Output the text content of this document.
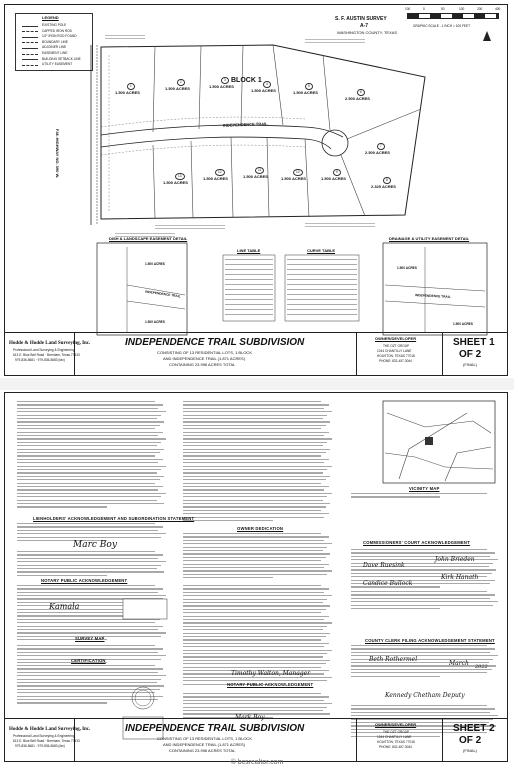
LEGEND
EXISTING POLE
CAPPED IRON ROD
1/2" IRON ROD FOUND
BOUNDARY LINE
ADJOINER LINE
EASEMENT LINE
BUILDING SETBACK LINE
UTILITY EASEMENT
S. F. AUSTIN SURVEY
A-7
WASHINGTON COUNTY, TEXAS
100	0	50	100	200	400
GRAPHIC SCALE - 1 INCH = 100 FEET
BLOCK 1
INDEPENDENCE TRAIL
F.M. HIGHWAY NO. 390 W.
1
1.500 ACRES
2
1.500 ACRES
3
1.500 ACRES	4
1.500 ACRES
5
1.500 ACRES	6
2.500 ACRES
7
2.500 ACRES
8
2.325 ACRES
9
1.500 ACRES
10
1.500 ACRES
11
1.500 ACRES
12
1.500 ACRES
13
1.500 ACRES
DISH & LANDSCAPE EASEMENT DETAIL	DRAINAGE & UTILITY EASEMENT DETAIL
LINE TABLE	CURVE TABLE
1.500 ACRES
1.500 ACRES
1.500 ACRES
1.500 ACRES
INDEPENDENCE TRAIL	INDEPENDENCE TRAIL
Hodde & Hodde Land Surveying, Inc.
Professional Land Surveying & Engineering
613 E. Blue Bell Road · Brenham, Texas 77833
979-836-5681 · 979-836-5683 (fax)
INDEPENDENCE TRAIL SUBDIVISION
CONSISTING OF 13 RESIDENTIAL LOTS, 1 BLOCK
AND INDEPENDENCE TRAIL (1.871 ACRES)
CONTAINING 23.996 ACRES TOTAL
OWNER/DEVELOPER
THE OZT GROUP
1244 CHANTILLY LANE
HOUSTON, TEXAS 77018
PHONE: 832-457-3044
SHEET 1
OF 2
(FINAL)
LIENHOLDERS' ACKNOWLEDGEMENT AND SUBORDINATION STATEMENT
NOTARY PUBLIC ACKNOWLEDGEMENT
SURVEY MAP
CERTIFICATION
OWNER DEDICATION
NOTARY PUBLIC ACKNOWLEDGEMENT
VICINITY MAP
COMMISSIONERS' COURT ACKNOWLEDGEMENT
COUNTY CLERK FILING ACKNOWLEDGEMENT STATEMENT
Marc Boy
Kamala
Timothy Walton, Manager
Mark Boy
Dave Ruesink
John Brieden
Candice Bullock
Kirk Hanath
Beth Rothermel
March 2022
Kennedy Chetham Deputy
Hodde & Hodde Land Surveying, Inc.
Professional Land Surveying & Engineering
613 E. Blue Bell Road · Brenham, Texas 77833
979-836-5681 · 979-836-5683 (fax)
INDEPENDENCE TRAIL SUBDIVISION
CONSISTING OF 13 RESIDENTIAL LOTS, 1 BLOCK
AND INDEPENDENCE TRAIL (1.871 ACRES)
CONTAINING 23.996 ACRES TOTAL
OWNER/DEVELOPER
THE OZT GROUP
1244 CHANTILLY LANE
HOUSTON, TEXAS 77018
PHONE: 832-457-3044
SHEET 2
OF 2
(FINAL)
© bcsrealtor.com
